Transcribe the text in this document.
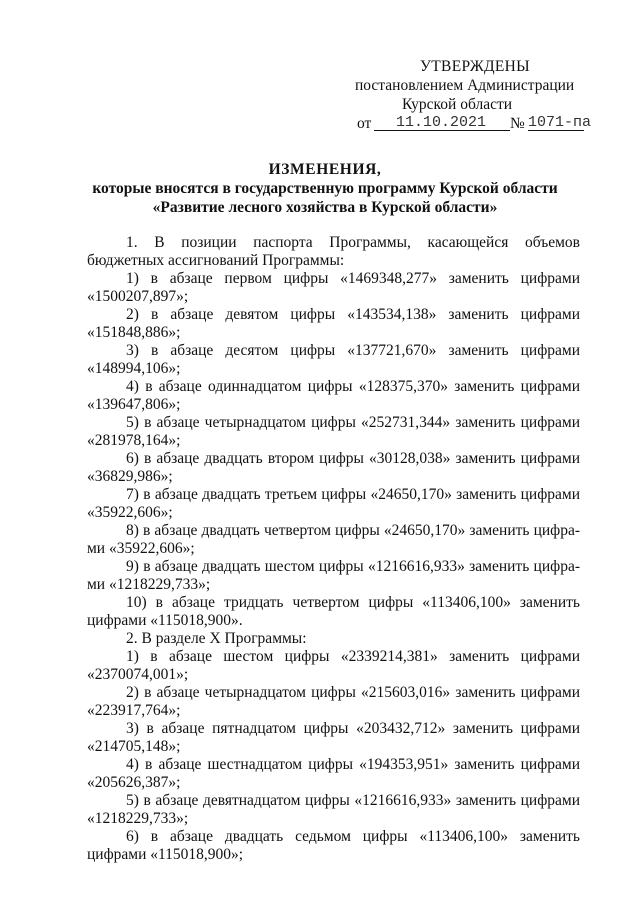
УТВЕРЖДЕНЫ
постановлением Администрации
Курской области
от 11.10.2021 № 1071-па
ИЗМЕНЕНИЯ,
которые вносятся в государственную программу Курской области
«Развитие лесного хозяйства в Курской области»

1. В позиции паспорта Программы, касающейся объемов бюджетных ассигнований Программы:

1) в абзаце первом цифры «1469348,277» заменить цифрами «1500207,897»;

2) в абзаце девятом цифры «143534,138» заменить цифрами «151848,886»;

3) в абзаце десятом цифры «137721,670» заменить цифрами «148994,106»;

4) в абзаце одиннадцатом цифры «128375,370» заменить цифрами «139647,806»;

5) в абзаце четырнадцатом цифры «252731,344» заменить цифрами «281978,164»;

6) в абзаце двадцать втором цифры «30128,038» заменить цифрами «36829,986»;

7) в абзаце двадцать третьем цифры «24650,170» заменить цифрами «35922,606»;

8) в абзаце двадцать четвертом цифры «24650,170» заменить цифра-ми «35922,606»;

9) в абзаце двадцать шестом цифры «1216616,933» заменить цифра-ми «1218229,733»;

10) в абзаце тридцать четвертом цифры «113406,100» заменить цифрами «115018,900».

2. В разделе X Программы:

1) в абзаце шестом цифры «2339214,381» заменить цифрами «2370074,001»;

2) в абзаце четырнадцатом цифры «215603,016» заменить цифрами «223917,764»;

3) в абзаце пятнадцатом цифры «203432,712» заменить цифрами «214705,148»;

4) в абзаце шестнадцатом цифры «194353,951» заменить цифрами «205626,387»;

5) в абзаце девятнадцатом цифры «1216616,933» заменить цифрами «1218229,733»;

6) в абзаце двадцать седьмом цифры «113406,100» заменить цифрами «115018,900»;
